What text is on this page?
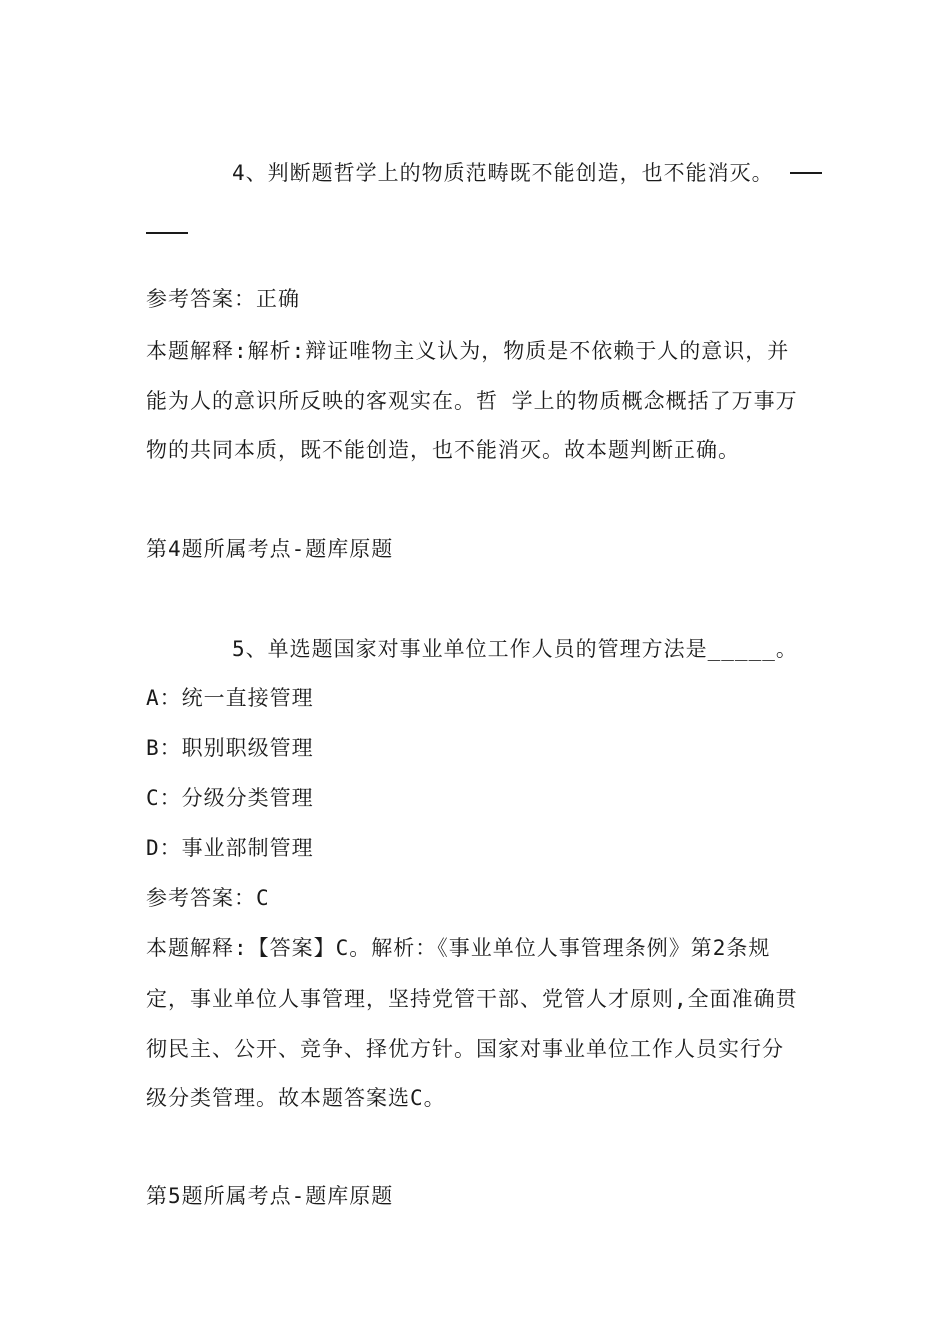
4、判断题哲学上的物质范畴既不能创造，也不能消灭。
参考答案：正确
本题解释:解析:辩证唯物主义认为，物质是不依赖于人的意识，并
能为人的意识所反映的客观实在。哲 学上的物质概念概括了万事万
物的共同本质，既不能创造，也不能消灭。故本题判断正确。
第4题所属考点-题库原题
5、单选题国家对事业单位工作人员的管理方法是_____。
A：统一直接管理
B：职别职级管理
C：分级分类管理
D：事业部制管理
参考答案：C
本题解释:【答案】C。解析：《事业单位人事管理条例》第2条规
定，事业单位人事管理，坚持党管干部、党管人才原则,全面准确贯
彻民主、公开、竞争、择优方针。国家对事业单位工作人员实行分
级分类管理。故本题答案选C。
第5题所属考点-题库原题
